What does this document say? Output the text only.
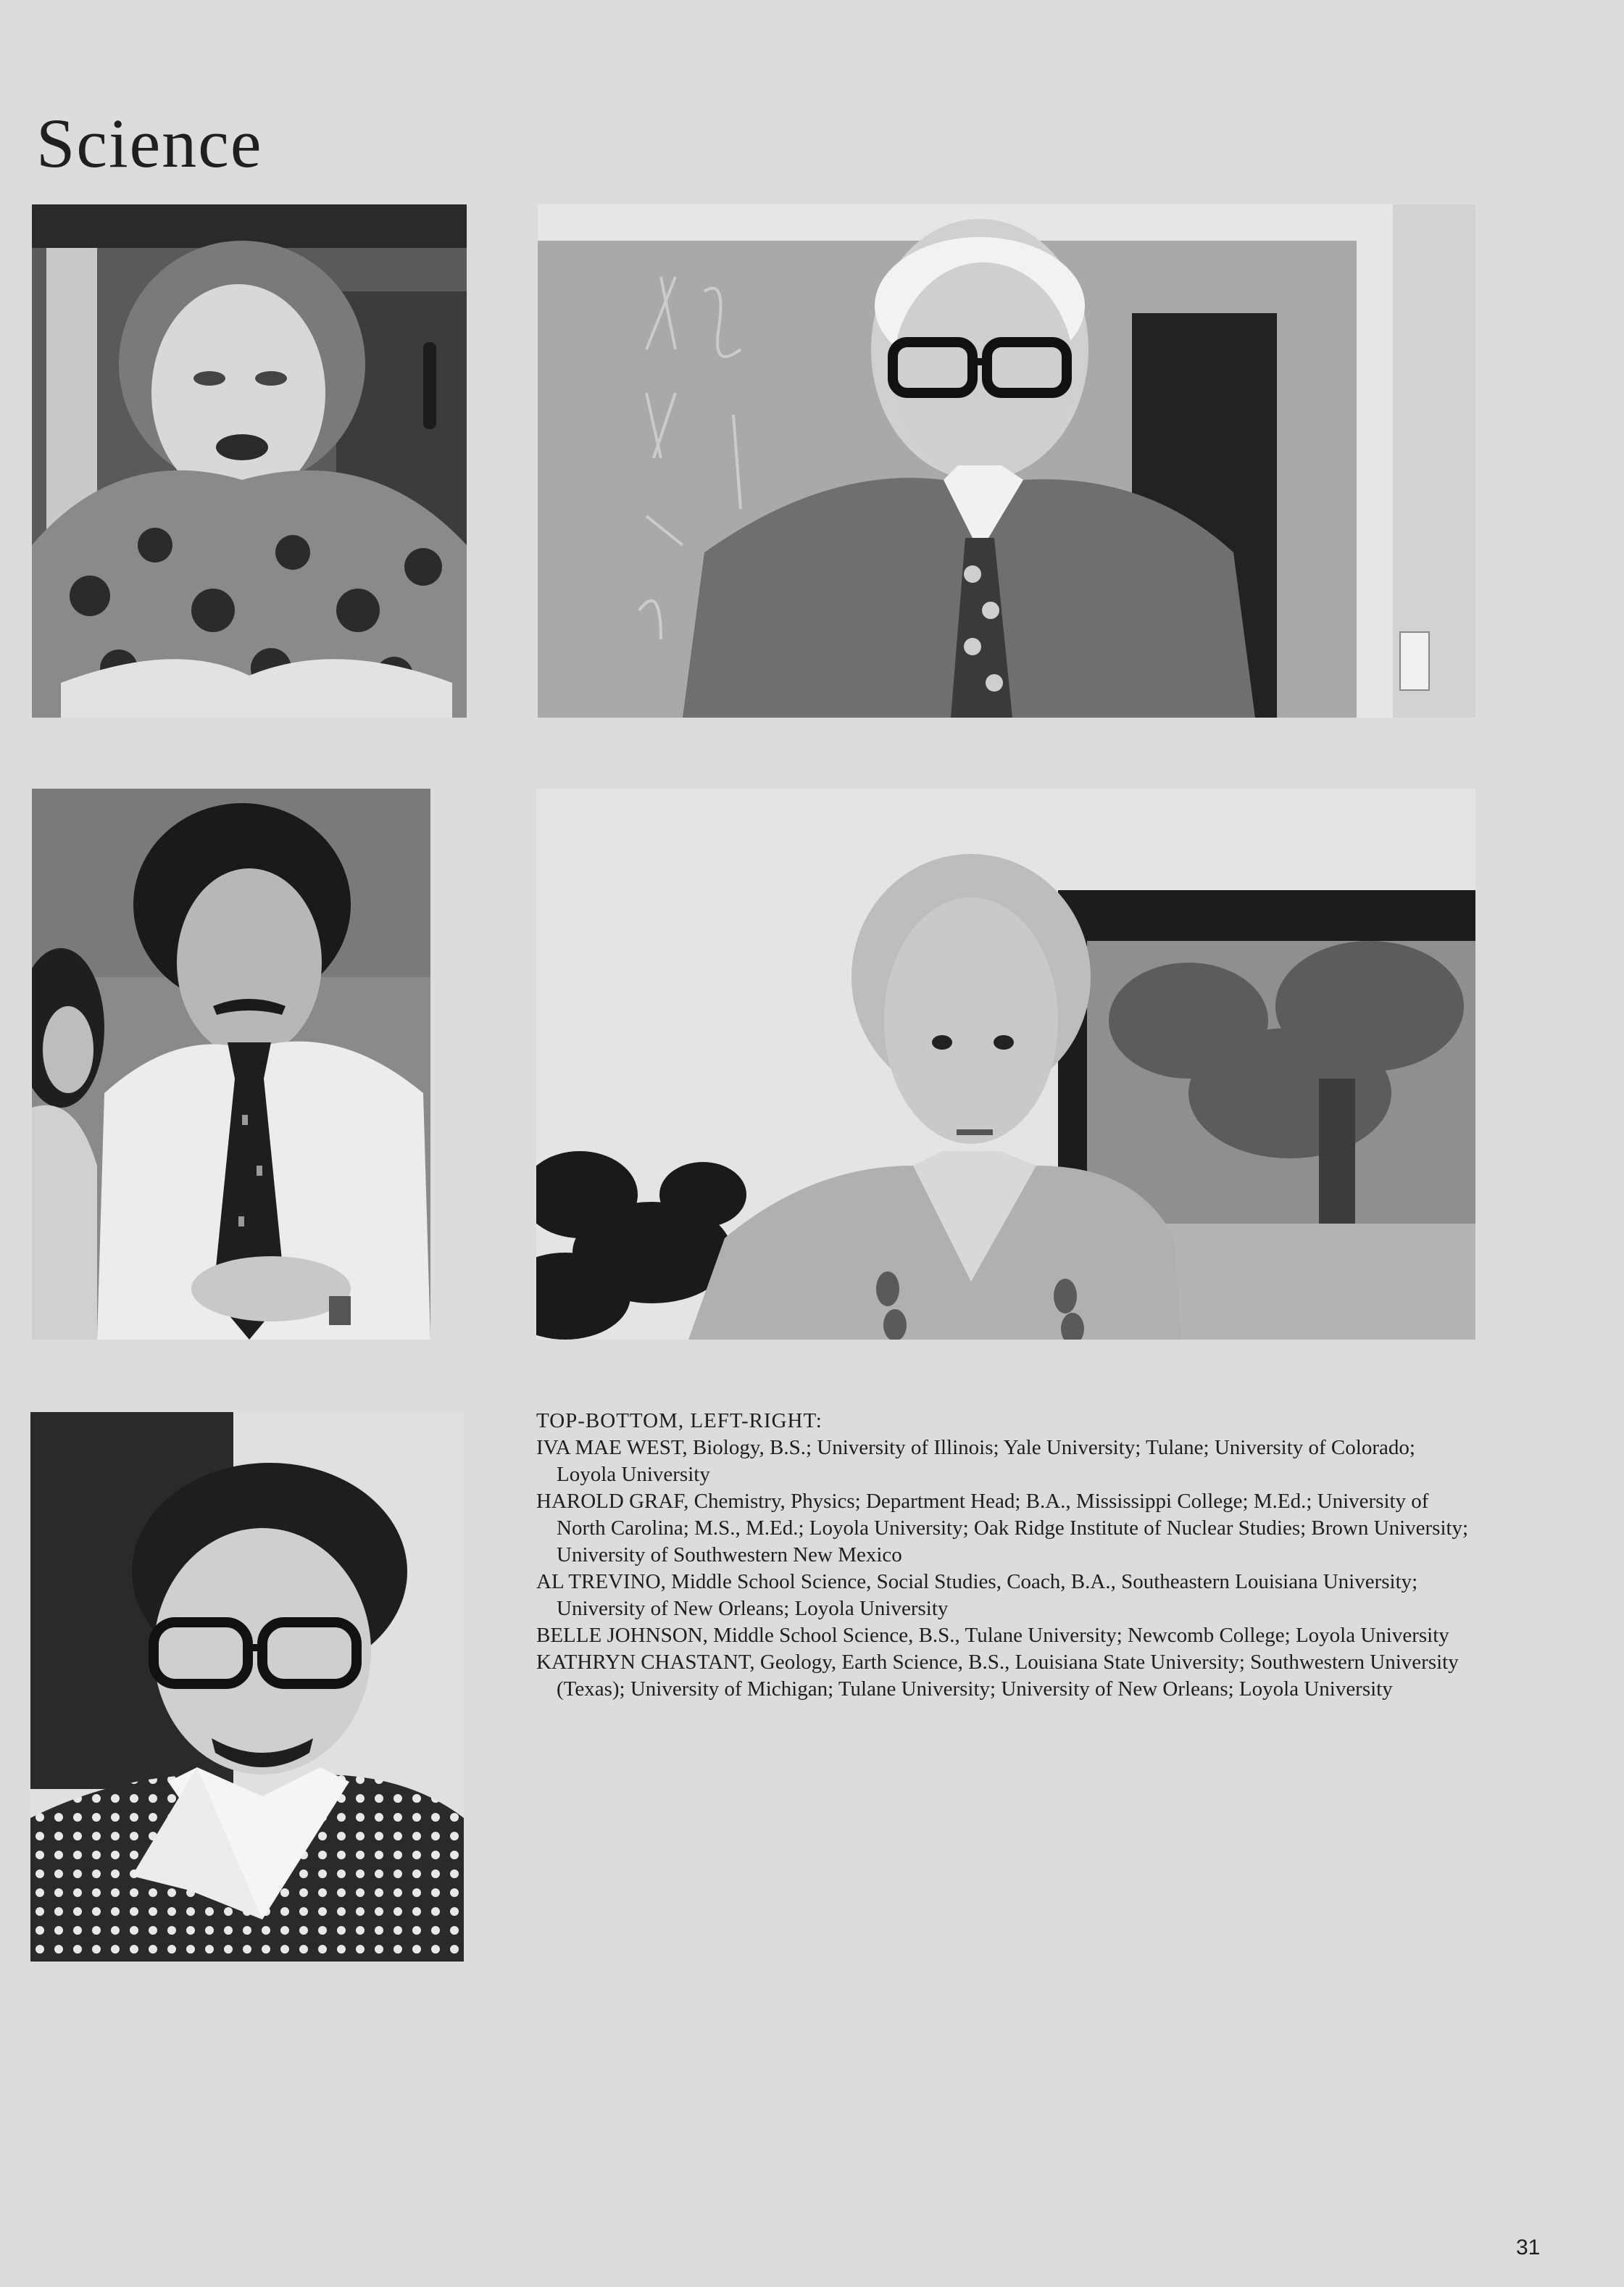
Science

TOP-BOTTOM, LEFT-RIGHT:

IVA MAE WEST, Biology, B.S.; University of Illinois; Yale University; Tulane; University of Colorado; Loyola University

HAROLD GRAF, Chemistry, Physics; Department Head; B.A., Mississippi College; M.Ed.; University of North Carolina; M.S., M.Ed.; Loyola University; Oak Ridge Institute of Nuclear Studies; Brown University; University of Southwestern New Mexico

AL TREVINO, Middle School Science, Social Studies, Coach, B.A., Southeastern Louisiana University; University of New Orleans; Loyola University

BELLE JOHNSON, Middle School Science, B.S., Tulane University; Newcomb College; Loyola University

KATHRYN CHASTANT, Geology, Earth Science, B.S., Louisiana State University; Southwestern University (Texas); University of Michigan; Tulane University; University of New Orleans; Loyola University

31
